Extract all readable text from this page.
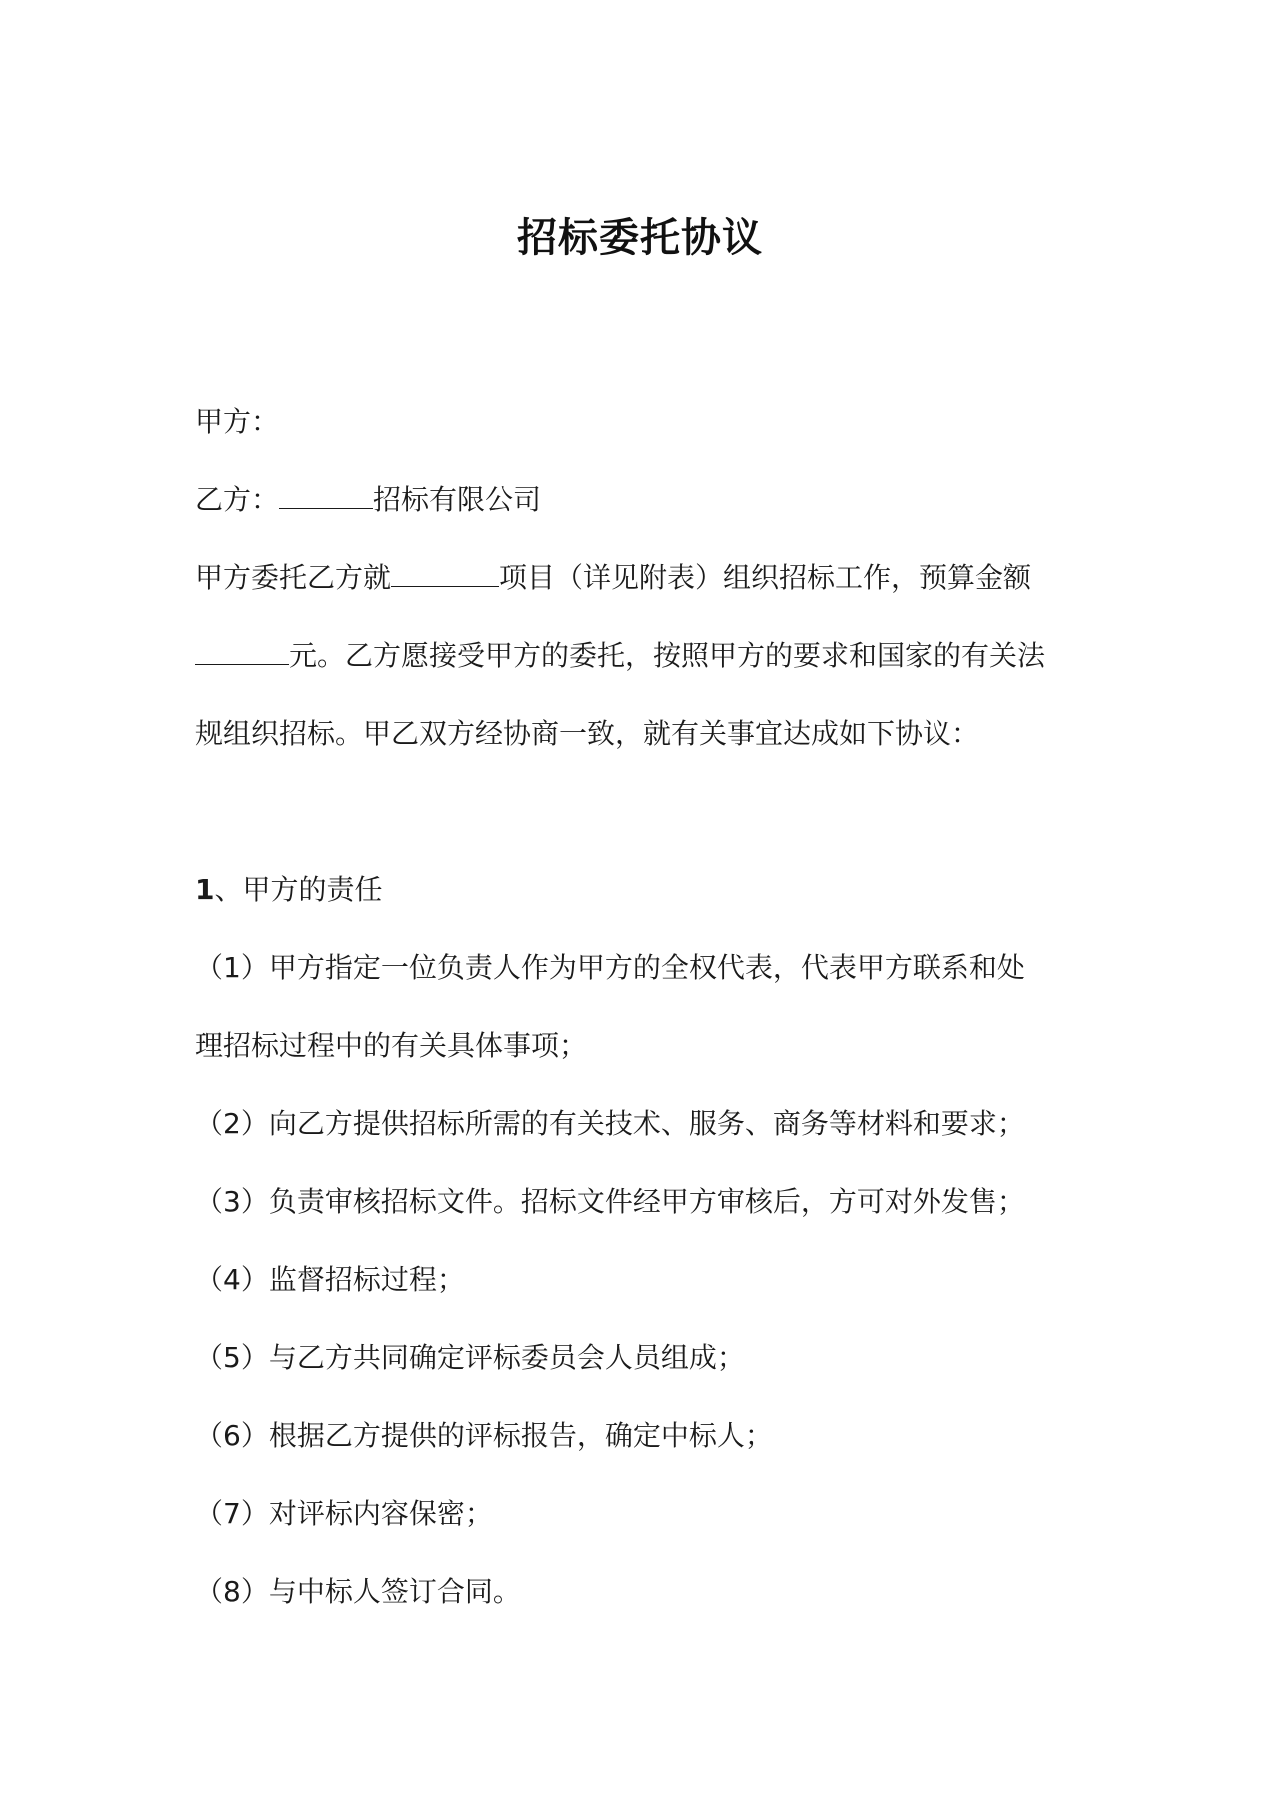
招标委托协议
甲方：
乙方：	招标有限公司
甲方委托乙方就	项目（详见附表）组织招标工作，预算金额
元。乙方愿接受甲方的委托，按照甲方的要求和国家的有关法
规组织招标。甲乙双方经协商一致，就有关事宜达成如下协议：
1、甲方的责任
（1）甲方指定一位负责人作为甲方的全权代表，代表甲方联系和处
理招标过程中的有关具体事项；
（2）向乙方提供招标所需的有关技术、服务、商务等材料和要求；
（3）负责审核招标文件。招标文件经甲方审核后，方可对外发售；
（4）监督招标过程；
（5）与乙方共同确定评标委员会人员组成；
（6）根据乙方提供的评标报告，确定中标人；
（7）对评标内容保密；
（8）与中标人签订合同。
